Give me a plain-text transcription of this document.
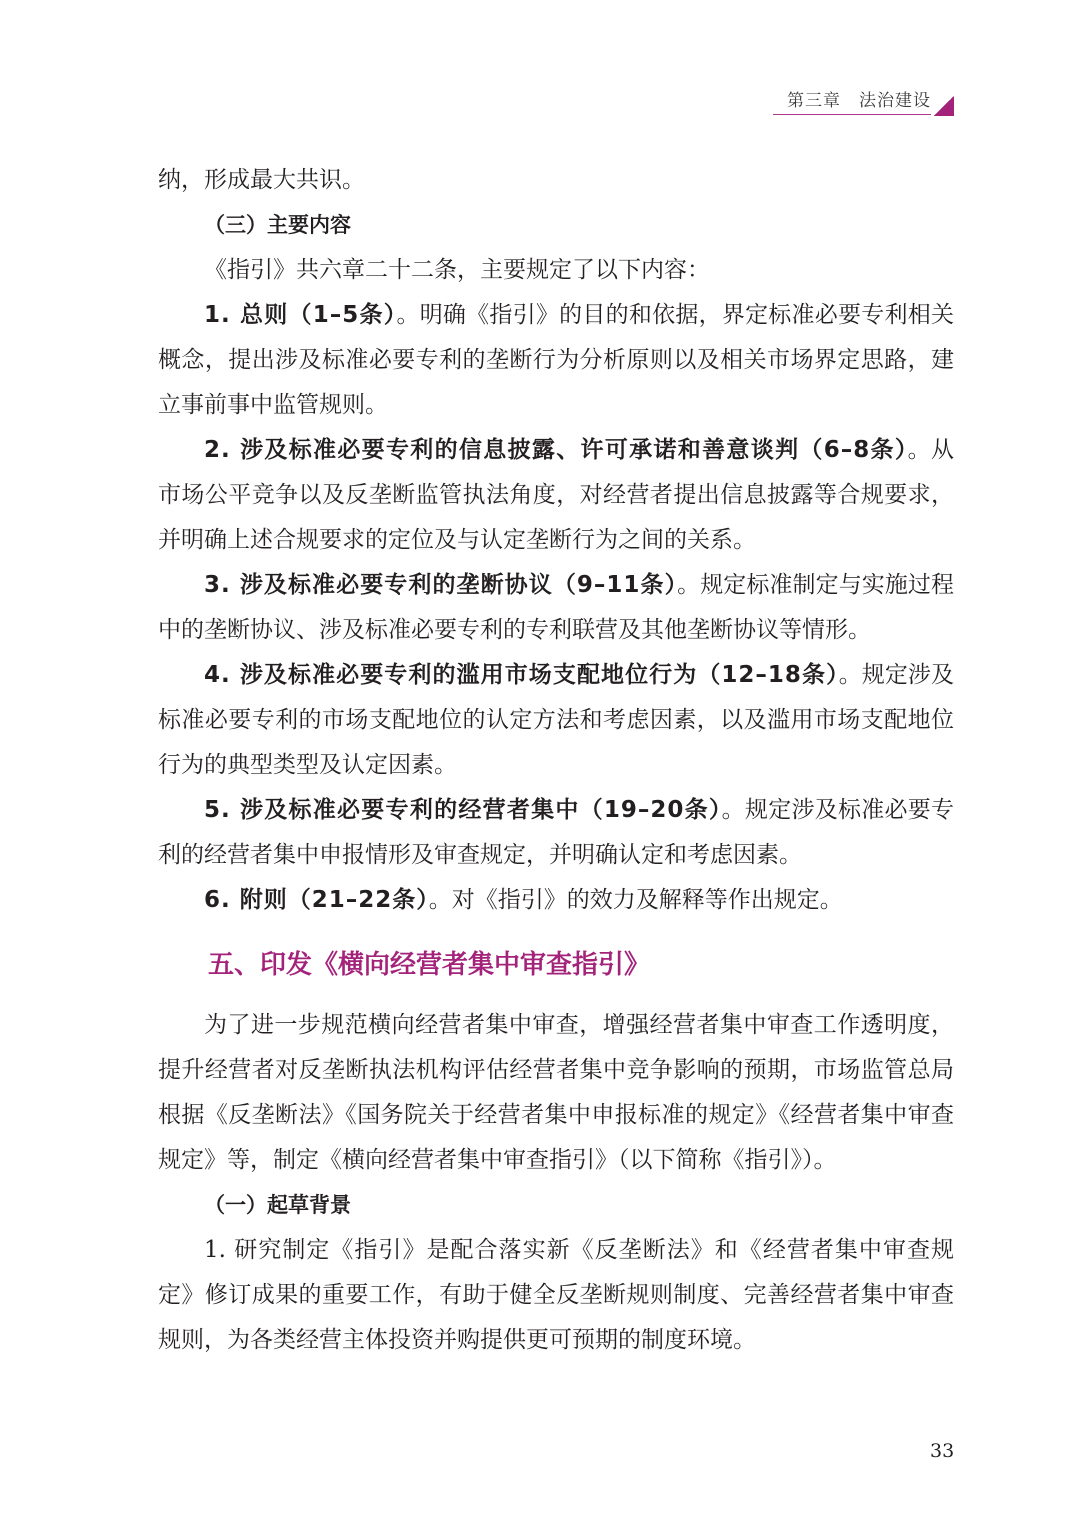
第三章　法治建设

纳，形成最大共识。

（三）主要内容

《指引》共六章二十二条，主要规定了以下内容：

1. 总则（1–5条）。明确《指引》的目的和依据，界定标准必要专利相关概念，提出涉及标准必要专利的垄断行为分析原则以及相关市场界定思路，建立事前事中监管规则。

2. 涉及标准必要专利的信息披露、许可承诺和善意谈判（6–8条）。从市场公平竞争以及反垄断监管执法角度，对经营者提出信息披露等合规要求，并明确上述合规要求的定位及与认定垄断行为之间的关系。

3. 涉及标准必要专利的垄断协议（9–11条）。规定标准制定与实施过程中的垄断协议、涉及标准必要专利的专利联营及其他垄断协议等情形。

4. 涉及标准必要专利的滥用市场支配地位行为（12–18条）。规定涉及标准必要专利的市场支配地位的认定方法和考虑因素，以及滥用市场支配地位行为的典型类型及认定因素。

5. 涉及标准必要专利的经营者集中（19–20条）。规定涉及标准必要专利的经营者集中申报情形及审查规定，并明确认定和考虑因素。

6. 附则（21–22条）。对《指引》的效力及解释等作出规定。

五、印发《横向经营者集中审查指引》

为了进一步规范横向经营者集中审查，增强经营者集中审查工作透明度，提升经营者对反垄断执法机构评估经营者集中竞争影响的预期，市场监管总局根据《反垄断法》《国务院关于经营者集中申报标准的规定》《经营者集中审查规定》等，制定《横向经营者集中审查指引》（以下简称《指引》）。

（一）起草背景

1. 研究制定《指引》是配合落实新《反垄断法》和《经营者集中审查规定》修订成果的重要工作，有助于健全反垄断规则制度、完善经营者集中审查规则，为各类经营主体投资并购提供更可预期的制度环境。

33
